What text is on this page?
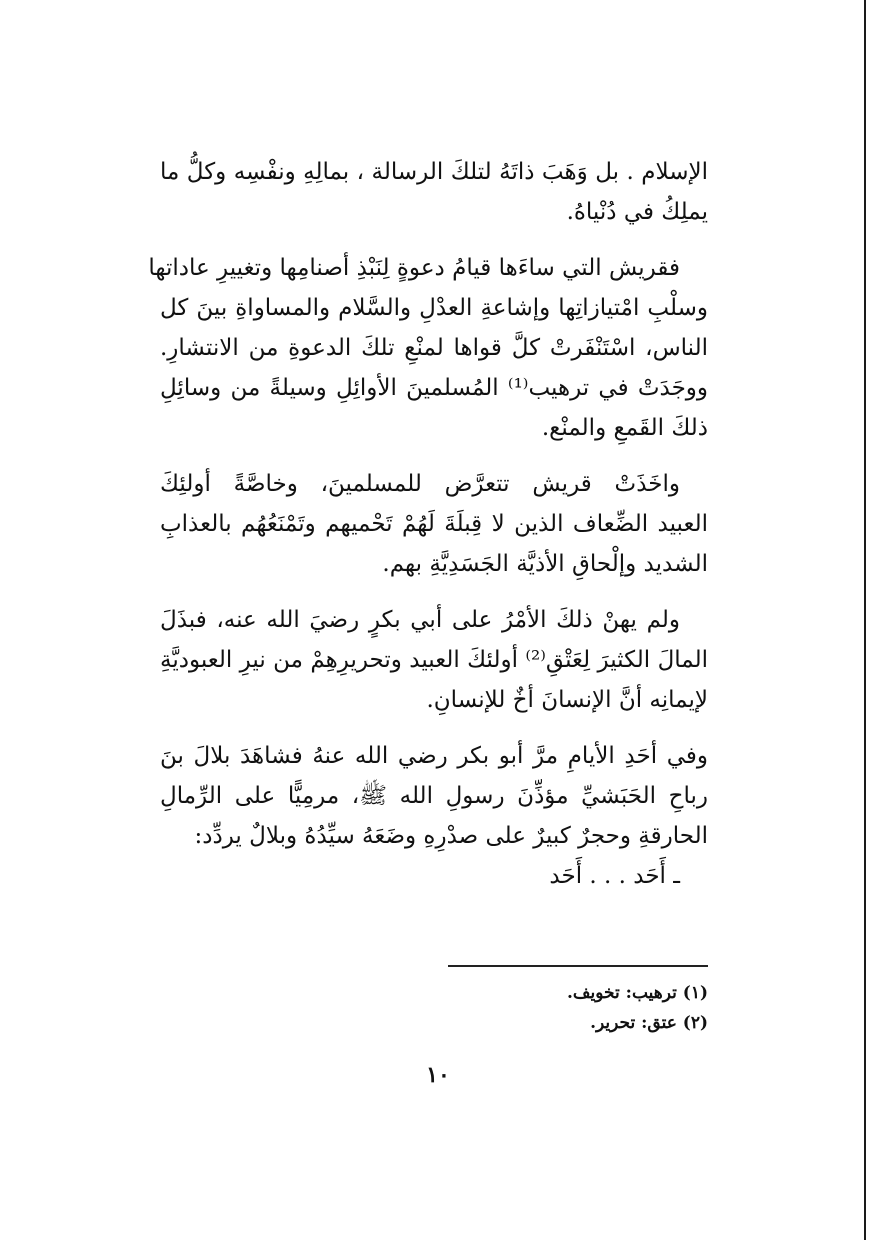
الإسلام . بل وَهَبَ ذاتَهُ لتلكَ الرسالة ، بمالِهِ ونفْسِه وكلُّ ما
يملِكُ في دُنْياهُ.
فقريش التي ساءَها قيامُ دعوةٍ لِنَبْذِ أصنامِها وتغييرِ عاداتها
وسلْبِ امْتيازاتِها وإشاعةِ العدْلِ والسَّلام والمساواةِ بينَ كل
الناس، اسْتَنْفَرتْ كلَّ قواها لمنْعِ تلكَ الدعوةِ من الانتشارِ.
ووجَدَتْ في ترهيب⁽¹⁾ المُسلمينَ الأوائِلِ وسيلةً من وسائِلِ
ذلكَ القَمعِ والمنْع.
واخَذَتْ قريش تتعرَّض للمسلمينَ، وخاصَّةً أولئِكَ
العبيد الضِّعاف الذين لا قِبلَةَ لَهُمْ تَحْميهم وتَمْنَعُهُم بالعذابِ
الشديد وإلْحاقِ الأذيَّة الجَسَدِيَّةِ بهم.
ولم يهنْ ذلكَ الأمْرُ على أبي بكرٍ رضيَ الله عنه، فبذَلَ
المالَ الكثيرَ لِعَتْقِ⁽²⁾ أولئكَ العبيد وتحريرِهِمْ من نيرِ العبوديَّةِ
لإيمانِه أنَّ الإنسانَ أخٌ للإنسانِ.
وفي أحَدِ الأيامِ مرَّ أبو بكر رضي الله عنهُ فشاهَدَ بلالَ بنَ
رباحِ الحَبَشيِّ مؤذِّنَ رسولِ الله ﷺ، مرمِيًّا على الرِّمالِ
الحارقةِ وحجرٌ كبيرٌ على صدْرِهِ وضَعَهُ سيِّدُهُ وبلالٌ يردِّد:
ـ أَحَد . . . أَحَد
(١) ترهيب: تخويف.
(٢) عتق: تحرير.
١٠
